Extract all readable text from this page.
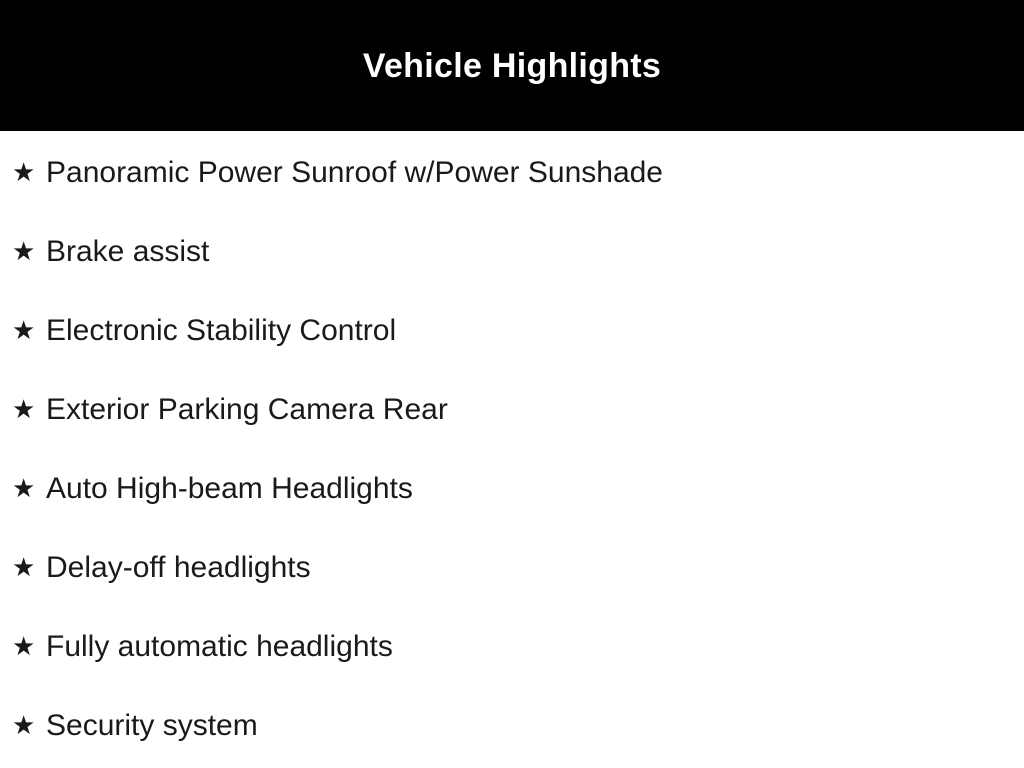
Vehicle Highlights
★ Panoramic Power Sunroof w/Power Sunshade
★ Brake assist
★ Electronic Stability Control
★ Exterior Parking Camera Rear
★ Auto High-beam Headlights
★ Delay-off headlights
★ Fully automatic headlights
★ Security system
